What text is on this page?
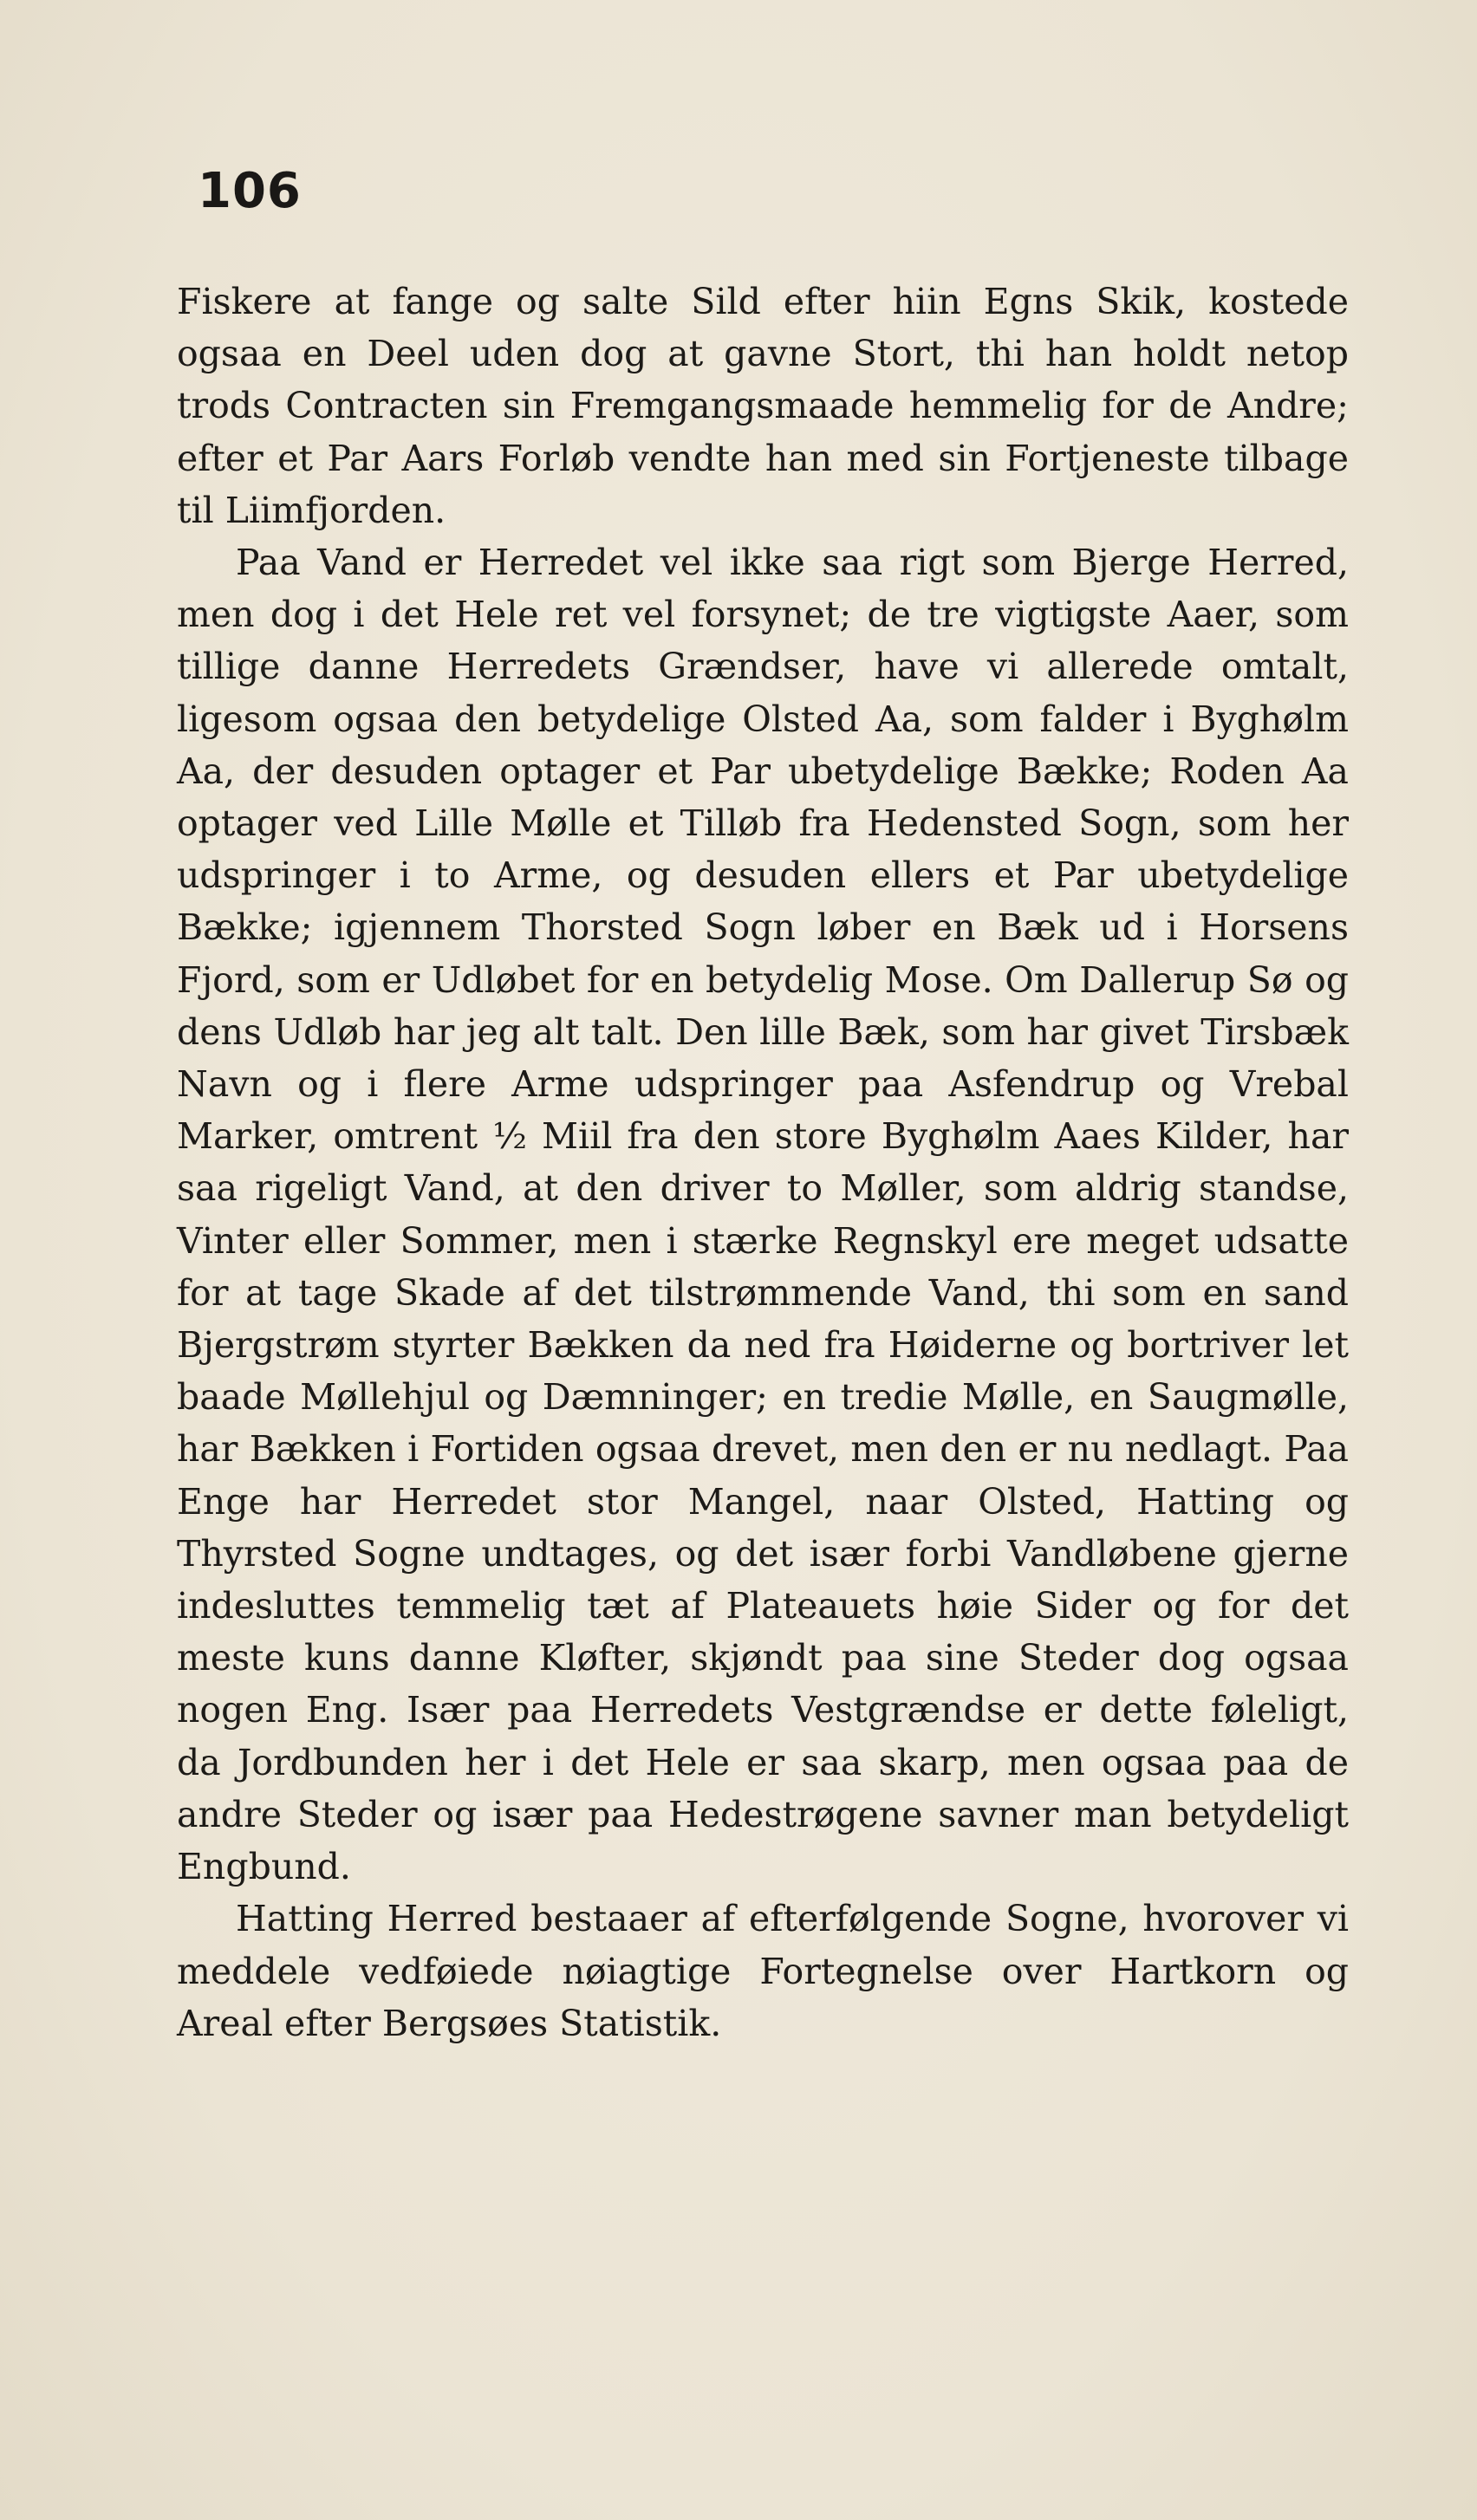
106

Fiskere at fange og salte Sild efter hiin Egns Skik, kostede ogsaa en Deel uden dog at gavne Stort, thi han holdt netop trods Contracten sin Fremgangsmaade hemmelig for de Andre; efter et Par Aars Forløb vendte han med sin Fortjeneste tilbage til Liimfjorden.

Paa Vand er Herredet vel ikke saa rigt som Bjerge Herred, men dog i det Hele ret vel forsynet; de tre vigtigste Aaer, som tillige danne Herredets Grændser, have vi allerede omtalt, ligesom ogsaa den betydelige Olsted Aa, som falder i Byghølm Aa, der desuden optager et Par ubetydelige Bække; Roden Aa optager ved Lille Mølle et Tilløb fra Hedensted Sogn, som her udspringer i to Arme, og desuden ellers et Par ubetydelige Bække; igjennem Thorsted Sogn løber en Bæk ud i Horsens Fjord, som er Udløbet for en betydelig Mose. Om Dallerup Sø og dens Udløb har jeg alt talt. Den lille Bæk, som har givet Tirsbæk Navn og i flere Arme udspringer paa Asfendrup og Vrebal Marker, omtrent ½ Miil fra den store Byghølm Aaes Kilder, har saa rigeligt Vand, at den driver to Møller, som aldrig standse, Vinter eller Sommer, men i stærke Regnskyl ere meget udsatte for at tage Skade af det tilstrømmende Vand, thi som en sand Bjergstrøm styrter Bækken da ned fra Høiderne og bortriver let baade Møllehjul og Dæmninger; en tredie Mølle, en Saugmølle, har Bækken i Fortiden ogsaa drevet, men den er nu nedlagt. Paa Enge har Herredet stor Mangel, naar Olsted, Hatting og Thyrsted Sogne undtages, og det især forbi Vandløbene gjerne indesluttes temmelig tæt af Plateauets høie Sider og for det meste kuns danne Kløfter, skjøndt paa sine Steder dog ogsaa nogen Eng. Især paa Herredets Vestgrændse er dette føleligt, da Jordbunden her i det Hele er saa skarp, men ogsaa paa de andre Steder og især paa Hedestrøgene savner man betydeligt Engbund.

Hatting Herred bestaaer af efterfølgende Sogne, hvorover vi meddele vedføiede nøiagtige Fortegnelse over Hartkorn og Areal efter Bergsøes Statistik.
